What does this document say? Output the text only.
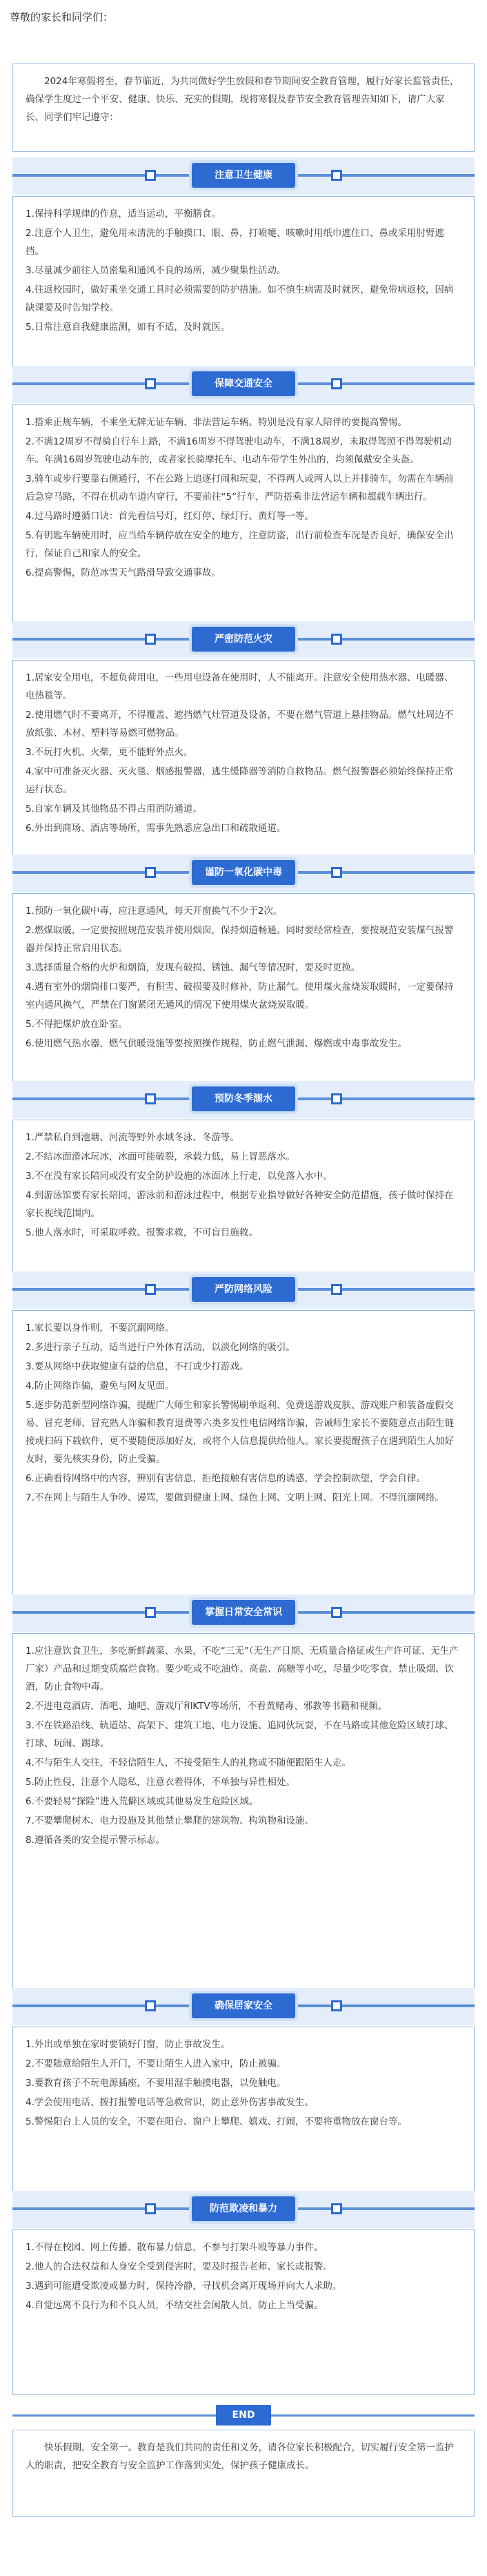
尊敬的家长和同学们：

2024年寒假将至，春节临近，为共同做好学生放假和春节期间安全教育管理，履行好家长监管责任，确保学生度过一个平安、健康、快乐、充实的假期，现将寒假及春节安全教育管理告知如下，请广大家长、同学们牢记遵守：

注意卫生健康
1.保持科学规律的作息，适当运动，平衡膳食。
2.注意个人卫生，避免用未清洗的手触摸口、眼、鼻，打喷嚏、咳嗽时用纸巾遮住口、鼻或采用肘臂遮挡。
3.尽量减少前往人员密集和通风不良的场所，减少聚集性活动。
4.往返校园时，做好乘坐交通工具时必须需要的防护措施。如不慎生病需及时就医，避免带病返校，因病缺课要及时告知学校。
5.日常注意自我健康监测，如有不适，及时就医。
保障交通安全
1.搭乘正规车辆，不乘坐无牌无证车辆、非法营运车辆。特别是没有家人陪伴的要提高警惕。
2.不满12周岁不得骑自行车上路，不满16周岁不得驾驶电动车，不满18周岁，未取得驾照不得驾驶机动车。年满16周岁驾驶电动车的，或者家长骑摩托车、电动车带学生外出的，均须佩戴安全头盔。
3.骑车或步行要靠右侧通行，不在公路上追逐打闹和玩耍，不得两人或两人以上并排骑车，勿需在车辆前后急穿马路，不得在机动车道内穿行，不要前往“5”行车，严防搭乘非法营运车辆和超载车辆出行。
4.过马路时遵循口诀：首先看信号灯，红灯停、绿灯行、黄灯等一等。
5.有钥匙车辆使用时，应当给车辆停放在安全的地方，注意防盗，出行前检查车况是否良好，确保安全出行，保证自己和家人的安全。
6.提高警惕，防范冰雪天气路滑导致交通事故。
严密防范火灾
1.居家安全用电，不超负荷用电，一些用电设备在使用时，人不能离开。注意安全使用热水器、电暖器、电热毯等。
2.使用燃气时不要离开，不得覆盖、遮挡燃气灶管道及设备，不要在燃气管道上悬挂物品。燃气灶周边不放纸张、木材、塑料等易燃可燃物品。
3.不玩打火机、火柴，更不能野外点火。
4.家中可准备灭火器、灭火毯、烟感报警器，逃生缓降器等消防自救物品。燃气报警器必须始终保持正常运行状态。
5.自家车辆及其他物品不得占用消防通道。
6.外出到商场、酒店等场所，需事先熟悉应急出口和疏散通道。
谨防一氧化碳中毒
1.预防一氧化碳中毒，应注意通风，每天开窗换气不少于2次。
2.燃煤取暖，一定要按照规范安装并使用烟囱，保持烟道畅通。同时要经常检查，要按规范安装煤气报警器并保持正常启用状态。
3.选择质量合格的火炉和烟筒，发现有破损、锈蚀、漏气等情况时，要及时更换。
4.遇有室外的烟筒排口要严，有积雪、破损要及时修补，防止漏气。使用煤火盆烧炭取暖时，一定要保持室内通风换气，严禁在门窗紧闭无通风的情况下使用煤火盆烧炭取暖。
5.不得把煤炉放在卧室。
6.使用燃气热水器，燃气供暖设施等要按照操作规程，防止燃气泄漏、爆燃或中毒事故发生。
预防冬季溺水
1.严禁私自到池塘、河流等野外水域冬泳、冬游等。
2.不结冰面滑冰玩冰，冰面可能破裂，承载力低，易上冒恶落水。
3.不在没有家长陪同或没有安全防护设施的冰面冰上行走，以免落入水中。
4.到游泳馆要有家长陪同，游泳前和游泳过程中，根据专业指导做好各种安全防范措施，孩子做时保持在家长视线范围内。
5.他人落水时，可采取呼救、报警求救，不可盲目施救。
严防网络风险
1.家长要以身作则，不要沉溺网络。
2.多进行亲子互动，适当进行户外体育活动，以淡化网络的吸引。
3.要从网络中获取健康有益的信息，不打或少打游戏。
4.防止网络诈骗，避免与网友见面。
5.逐步防范新型网络诈骗，提醒广大师生和家长警惕刷单返利、免费送游戏皮肤、游戏账户和装备虚假交易、冒充老师、冒充熟人诈骗和教育退费等六类多发性电信网络诈骗，告诫师生家长不要随意点击陌生链接或扫码下载软件，更不要随便添加好友，或将个人信息提供给他人。家长要提醒孩子在遇到陌生人加好友时，要先核实身份，防止受骗。
6.正确看待网络中的内容，辨别有害信息，拒绝接触有害信息的诱惑，学会控制欲望，学会自律。
7.不在网上与陌生人争吵、谩骂，要做到健康上网、绿色上网、文明上网、阳光上网。不得沉溺网络。
掌握日常安全常识
1.应注意饮食卫生，多吃新鲜蔬菜、水果，不吃“三无”（无生产日期、无质量合格证或生产许可证、无生产厂家）产品和过期变质腐烂食物。要少吃或不吃油炸、高盐、高糖等小吃，尽量少吃零食，禁止吸烟、饮酒，防止食物中毒。
2.不进电竞酒店、酒吧、迪吧、游戏厅和KTV等场所，不看黄赌毒、邪教等书籍和视频。
3.不在铁路沿线、轨道站、高架下、建筑工地、电力设施、追同伙玩耍，不在马路或其他危险区域打球、打球、玩闹、踢球。
4.不与陌生人交往，不轻信陌生人，不接受陌生人的礼物或不随便跟陌生人走。
5.防止性侵，注意个人隐私，注意衣着得体，不单独与异性相处。
6.不要轻易“探险”进入荒僻区域或其他易发生危险区域。
7.不要攀爬树木、电力设施及其他禁止攀爬的建筑物、构筑物和设施。
8.遵循各类的安全提示警示标志。
确保居家安全
1.外出或单独在家时要锁好门窗，防止事故发生。
2.不要随意给陌生人开门，不要让陌生人进入家中，防止被骗。
3.要教育孩子不玩电源插座，不要用湿手触摸电器，以免触电。
4.学会使用电话、拨打报警电话等急救常识，防止意外伤害事故发生。
5.警惕阳台上人员的安全，不要在阳台、窗户上攀爬、嬉戏、打闹，不要将重物放在窗台等。
防范欺凌和暴力
1.不得在校园、网上传播、散布暴力信息，不参与打架斗殴等暴力事件。
2.他人的合法权益和人身安全受到侵害时，要及时报告老师、家长或报警。
3.遇到可能遭受欺凌或暴力时，保持冷静，寻找机会离开现场并向大人求助。
4.自觉远离不良行为和不良人员，不结交社会闲散人员，防止上当受骗。
END

快乐假期，安全第一。教育是我们共同的责任和义务，请各位家长积极配合，切实履行安全第一监护人的职责，把安全教育与安全监护工作落到实处，保护孩子健康成长。
